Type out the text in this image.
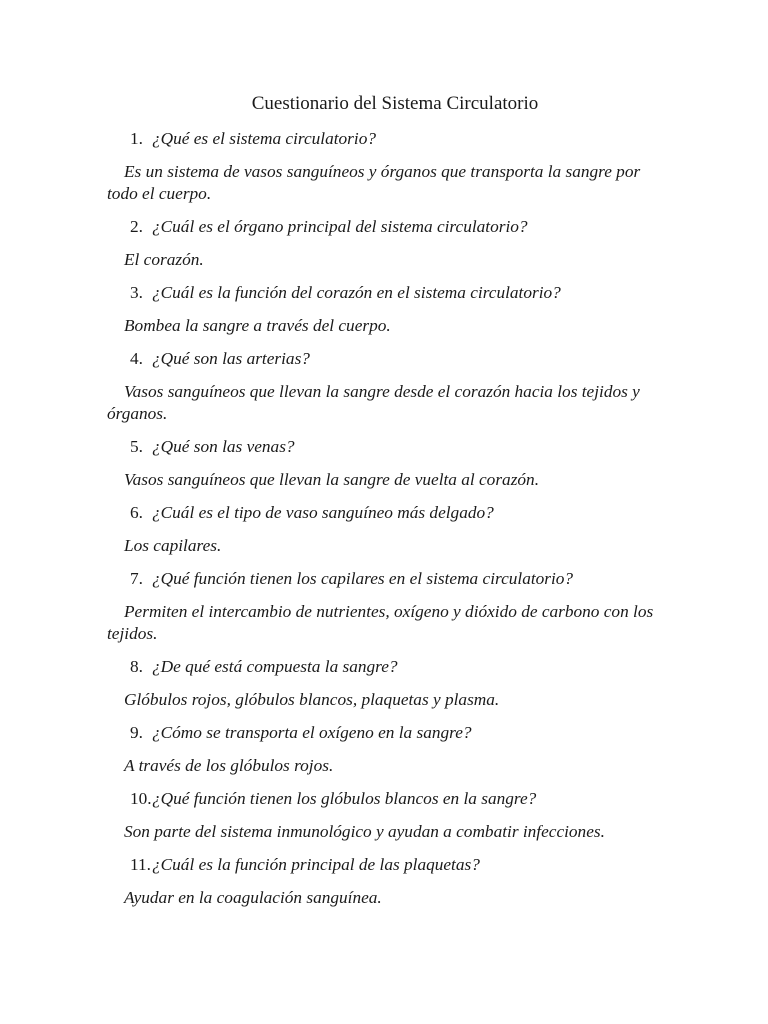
Cuestionario del Sistema Circulatorio
1. ¿Qué es el sistema circulatorio?

Es un sistema de vasos sanguíneos y órganos que transporta la sangre por todo el cuerpo.

2. ¿Cuál es el órgano principal del sistema circulatorio?

El corazón.

3. ¿Cuál es la función del corazón en el sistema circulatorio?

Bombea la sangre a través del cuerpo.

4. ¿Qué son las arterias?

Vasos sanguíneos que llevan la sangre desde el corazón hacia los tejidos y órganos.

5. ¿Qué son las venas?

Vasos sanguíneos que llevan la sangre de vuelta al corazón.

6. ¿Cuál es el tipo de vaso sanguíneo más delgado?

Los capilares.

7. ¿Qué función tienen los capilares en el sistema circulatorio?

Permiten el intercambio de nutrientes, oxígeno y dióxido de carbono con los tejidos.

8. ¿De qué está compuesta la sangre?

Glóbulos rojos, glóbulos blancos, plaquetas y plasma.

9. ¿Cómo se transporta el oxígeno en la sangre?

A través de los glóbulos rojos.

10. ¿Qué función tienen los glóbulos blancos en la sangre?

Son parte del sistema inmunológico y ayudan a combatir infecciones.

11. ¿Cuál es la función principal de las plaquetas?

Ayudar en la coagulación sanguínea.
